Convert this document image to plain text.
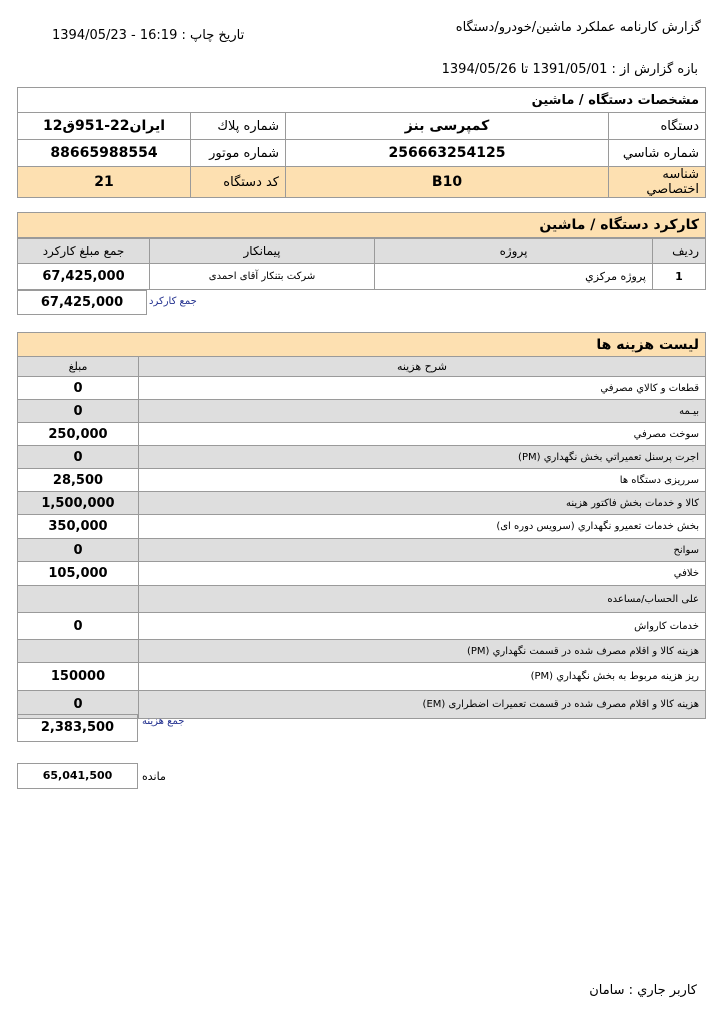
گزارش كارنامه عملكرد ماشين/خودرو/دستگاه
تاريخ چاپ : 1394/05/23 - 16:19
بازه گزارش از : 1391/05/01 تا 1394/05/26
مشخصات دستگاه / ماشين			
دستگاه	كمپرسی بنز	شماره پلاك	ايران22-951ق12
شماره شاسي	256663254125	شماره موتور	88665988554
شناسه اختصاصي	B10	كد دستگاه	21
كاركرد دستگاه / ماشين
رديف	پروژه	پيمانكار	جمع مبلغ كاركرد
1	پروژه مركزي	شركت بتنكار آقای احمدی	67,425,000
67,425,000	جمع كاركرد
ليست هزينه ها
شرح هزينه	مبلغ
قطعات و كالاي مصرفي	0
بيـمه	0
سوخت مصرفي	250,000
اجرت پرسنل تعميراتي بخش نگهداري (PM)	0
سرريزی دستگاه ها	28,500
كالا و خدمات بخش فاكتور هزينه	1,500,000
بخش خدمات تعميرو نگهداري (سرويس دوره ای)	350,000
سوانح	0
خلافي	105,000
علی الحساب/مساعده	
خدمات كارواش	0
هزينه كالا و اقلام مصرف شده در قسمت نگهداري (PM)	
ريز هزينه مربوط به بخش نگهداري (PM)	150000
هزينه كالا و اقلام مصرف شده در قسمت تعميرات اضطراری (EM)	0
2,383,500	جمع هزينه
65,041,500	مانده
كاربر جاري : سامان
